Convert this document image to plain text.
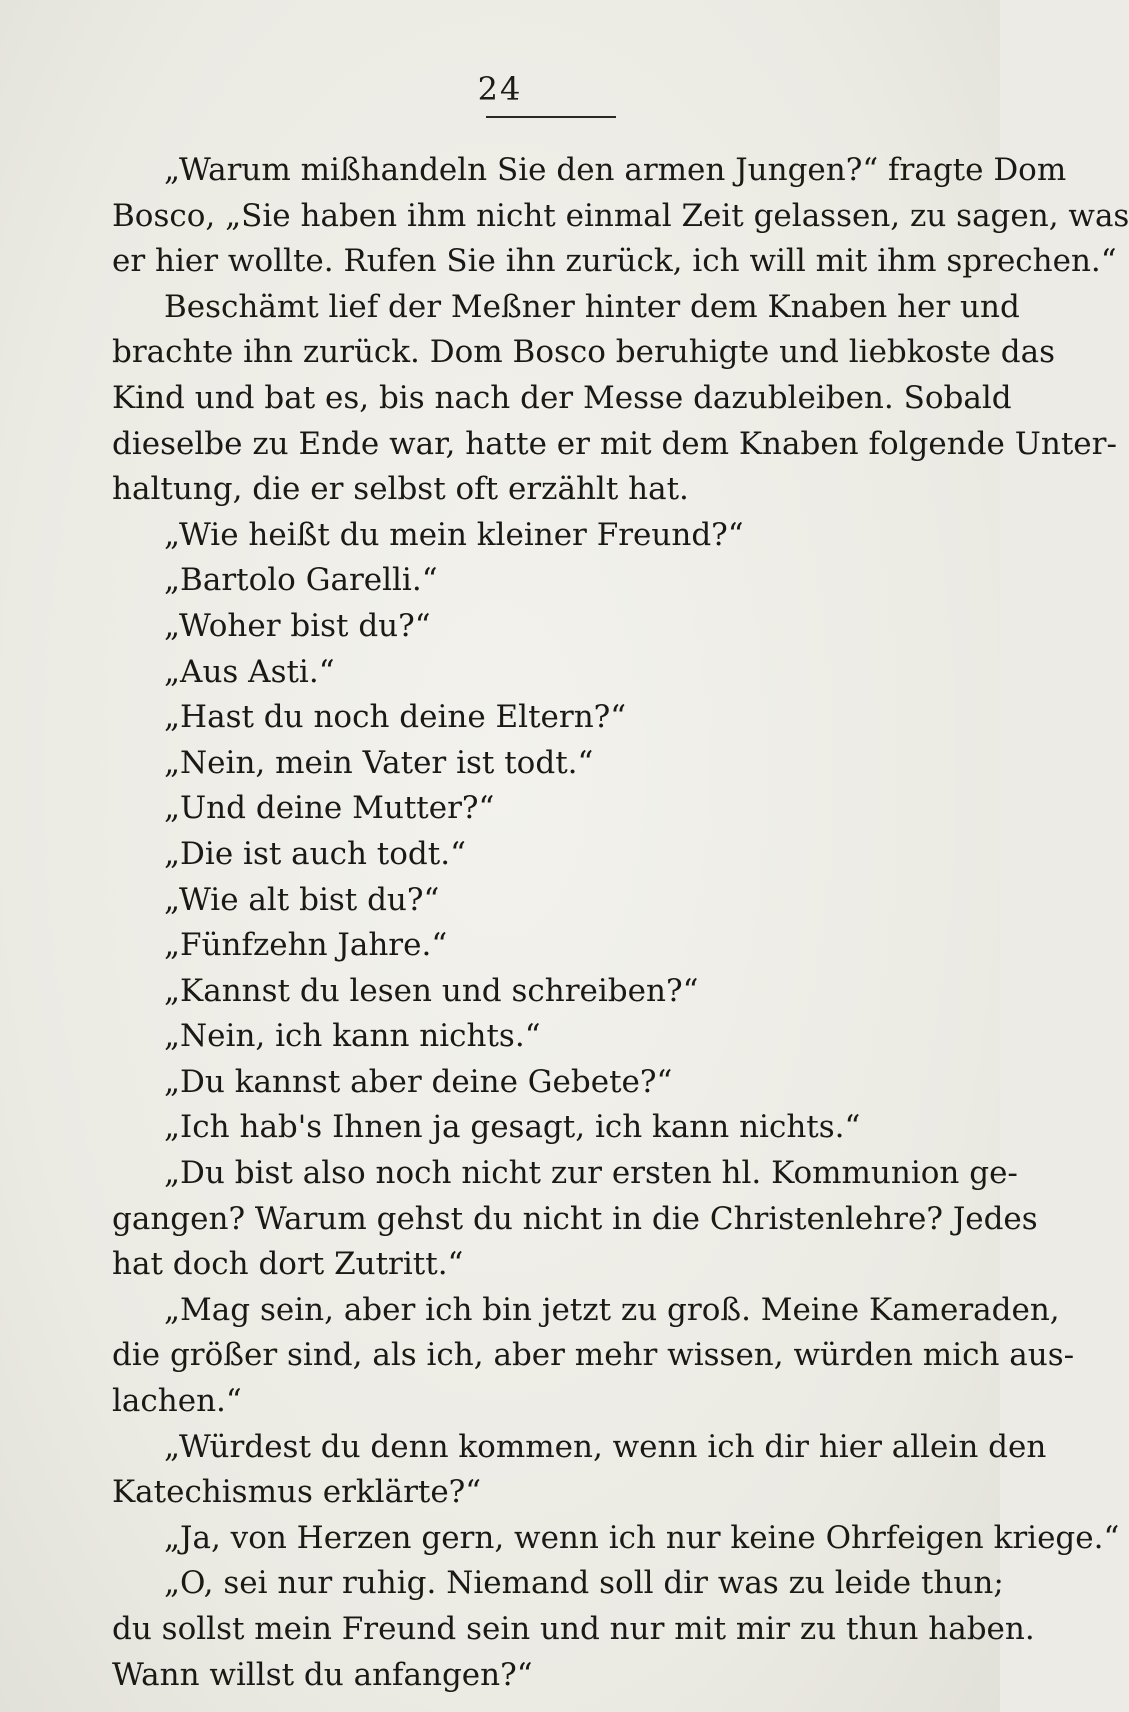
24
„Warum mißhandeln Sie den armen Jungen?“ fragte Dom
Bosco, „Sie haben ihm nicht einmal Zeit gelassen, zu sagen, was
er hier wollte. Rufen Sie ihn zurück, ich will mit ihm sprechen.“
Beschämt lief der Meßner hinter dem Knaben her und
brachte ihn zurück. Dom Bosco beruhigte und liebkoste das
Kind und bat es, bis nach der Messe dazubleiben. Sobald
dieselbe zu Ende war, hatte er mit dem Knaben folgende Unter-
haltung, die er selbst oft erzählt hat.
„Wie heißt du mein kleiner Freund?“
„Bartolo Garelli.“
„Woher bist du?“
„Aus Asti.“
„Hast du noch deine Eltern?“
„Nein, mein Vater ist todt.“
„Und deine Mutter?“
„Die ist auch todt.“
„Wie alt bist du?“
„Fünfzehn Jahre.“
„Kannst du lesen und schreiben?“
„Nein, ich kann nichts.“
„Du kannst aber deine Gebete?“
„Ich hab's Ihnen ja gesagt, ich kann nichts.“
„Du bist also noch nicht zur ersten hl. Kommunion ge-
gangen? Warum gehst du nicht in die Christenlehre? Jedes
hat doch dort Zutritt.“
„Mag sein, aber ich bin jetzt zu groß. Meine Kameraden,
die größer sind, als ich, aber mehr wissen, würden mich aus-
lachen.“
„Würdest du denn kommen, wenn ich dir hier allein den
Katechismus erklärte?“
„Ja, von Herzen gern, wenn ich nur keine Ohrfeigen kriege.“
„O, sei nur ruhig. Niemand soll dir was zu leide thun;
du sollst mein Freund sein und nur mit mir zu thun haben.
Wann willst du anfangen?“
